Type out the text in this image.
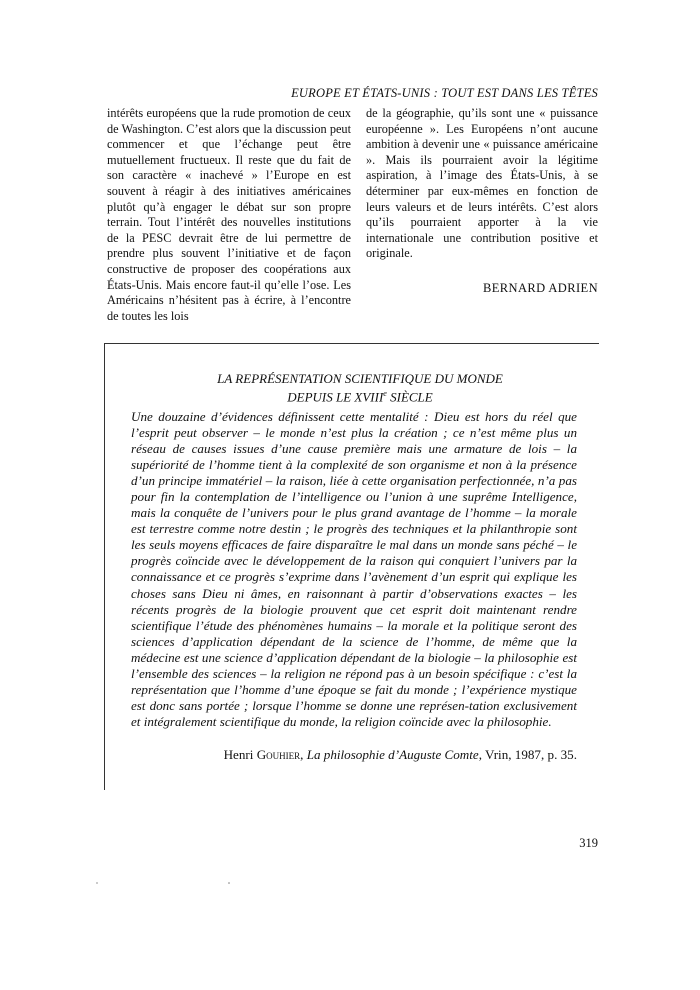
EUROPE ET ÉTATS-UNIS : TOUT EST DANS LES TÊTES
intérêts européens que la rude promotion de ceux de Washington. C’est alors que la discussion peut commencer et que l’échange peut être mutuellement fructueux. Il reste que du fait de son caractère « inachevé » l’Europe en est souvent à réagir à des initiatives américaines plutôt qu’à engager le débat sur son propre terrain. Tout l’intérêt des nouvelles institutions de la PESC devrait être de lui permettre de prendre plus souvent l’initiative et de façon constructive de proposer des coopérations aux États-Unis. Mais encore faut-il qu’elle l’ose. Les Américains n’hésitent pas à écrire, à l’encontre de toutes les lois
de la géographie, qu’ils sont une « puissance européenne ». Les Européens n’ont aucune ambition à devenir une « puissance américaine ». Mais ils pourraient avoir la légitime aspiration, à l’image des États-Unis, à se déterminer par eux-mêmes en fonction de leurs valeurs et de leurs intérêts. C’est alors qu’ils pourraient apporter à la vie internationale une contribution positive et originale.
BERNARD ADRIEN
LA REPRÉSENTATION SCIENTIFIQUE DU MONDE
DEPUIS LE XVIIIe SIÈCLE
Une douzaine d’évidences définissent cette mentalité : Dieu est hors du réel que l’esprit peut observer – le monde n’est plus la création ; ce n’est même plus un réseau de causes issues d’une cause première mais une armature de lois – la supériorité de l’homme tient à la complexité de son organisme et non à la présence d’un principe immatériel – la raison, liée à cette organisation perfectionnée, n’a pas pour fin la contemplation de l’intelligence ou l’union à une suprême Intelligence, mais la conquête de l’univers pour le plus grand avantage de l’homme – la morale est terrestre comme notre destin ; le progrès des techniques et la philanthropie sont les seuls moyens efficaces de faire disparaître le mal dans un monde sans péché – le progrès coïncide avec le développement de la raison qui conquiert l’univers par la connaissance et ce progrès s’exprime dans l’avènement d’un esprit qui explique les choses sans Dieu ni âmes, en raisonnant à partir d’observations exactes – les récents progrès de la biologie prouvent que cet esprit doit maintenant rendre scientifique l’étude des phénomènes humains – la morale et la politique seront des sciences d’application dépendant de la science de l’homme, de même que la médecine est une science d’application dépendant de la biologie – la philosophie est l’ensemble des sciences – la religion ne répond pas à un besoin spécifique : c’est la représentation que l’homme d’une époque se fait du monde ; l’expérience mystique est donc sans portée ; lorsque l’homme se donne une représen-tation exclusivement et intégralement scientifique du monde, la religion coïncide avec la philosophie.
Henri Gouhier, La philosophie d’Auguste Comte, Vrin, 1987, p. 35.
319
